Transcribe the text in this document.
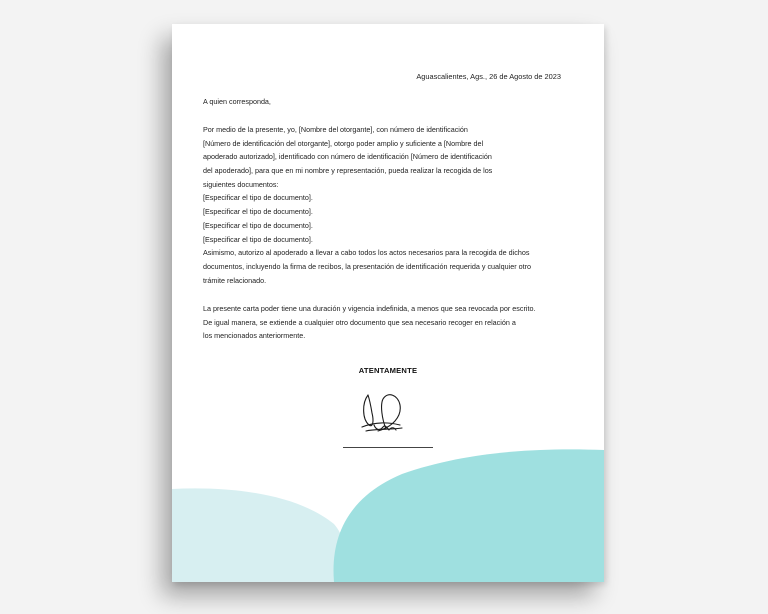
Aguascalientes, Ags., 26 de Agosto de 2023
A quien corresponda,
Por medio de la presente, yo, [Nombre del otorgante], con número de identificación
[Número de identificación del otorgante], otorgo poder amplio y suficiente a [Nombre del
apoderado autorizado], identificado con número de identificación [Número de identificación
del apoderado], para que en mi nombre y representación, pueda realizar la recogida de los
siguientes documentos:
[Especificar el tipo de documento].
[Especificar el tipo de documento].
[Especificar el tipo de documento].
[Especificar el tipo de documento].
Asimismo, autorizo al apoderado a llevar a cabo todos los actos necesarios para la recogida de dichos
documentos, incluyendo la firma de recibos, la presentación de identificación requerida y cualquier otro
trámite relacionado.
La presente carta poder tiene una duración y vigencia indefinida, a menos que sea revocada por escrito.
De igual manera, se extiende a cualquier otro documento que sea necesario recoger en relación a
los mencionados anteriormente.
ATENTAMENTE
